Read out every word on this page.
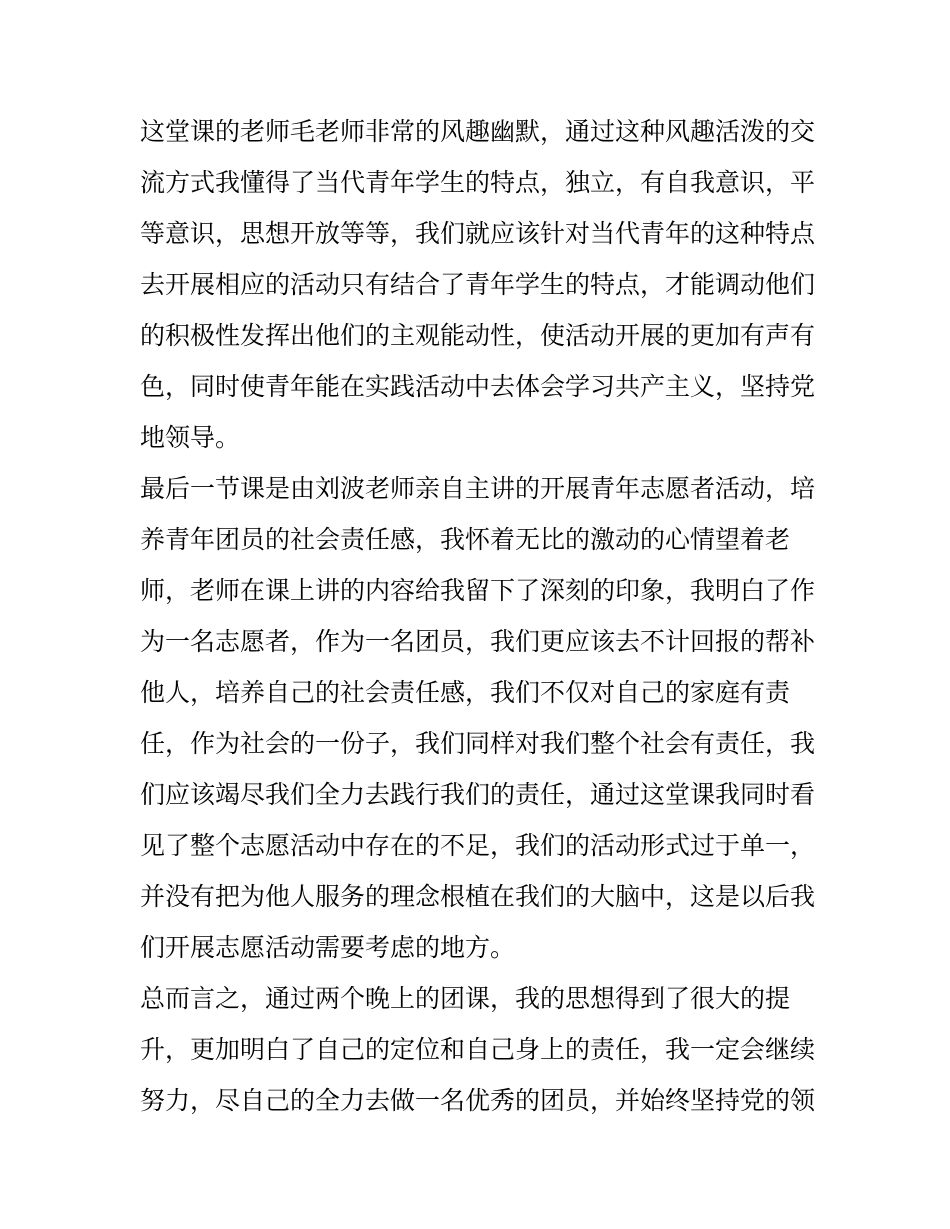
这堂课的老师毛老师非常的风趣幽默，通过这种风趣活泼的交
流方式我懂得了当代青年学生的特点，独立，有自我意识，平
等意识，思想开放等等，我们就应该针对当代青年的这种特点
去开展相应的活动只有结合了青年学生的特点，才能调动他们
的积极性发挥出他们的主观能动性，使活动开展的更加有声有
色，同时使青年能在实践活动中去体会学习共产主义，坚持党
地领导。
最后一节课是由刘波老师亲自主讲的开展青年志愿者活动，培
养青年团员的社会责任感，我怀着无比的激动的心情望着老
师，老师在课上讲的内容给我留下了深刻的印象，我明白了作
为一名志愿者，作为一名团员，我们更应该去不计回报的帮补
他人，培养自己的社会责任感，我们不仅对自己的家庭有责
任，作为社会的一份子，我们同样对我们整个社会有责任，我
们应该竭尽我们全力去践行我们的责任，通过这堂课我同时看
见了整个志愿活动中存在的不足，我们的活动形式过于单一，
并没有把为他人服务的理念根植在我们的大脑中，这是以后我
们开展志愿活动需要考虑的地方。
总而言之，通过两个晚上的团课，我的思想得到了很大的提
升，更加明白了自己的定位和自己身上的责任，我一定会继续
努力，尽自己的全力去做一名优秀的团员，并始终坚持党的领
